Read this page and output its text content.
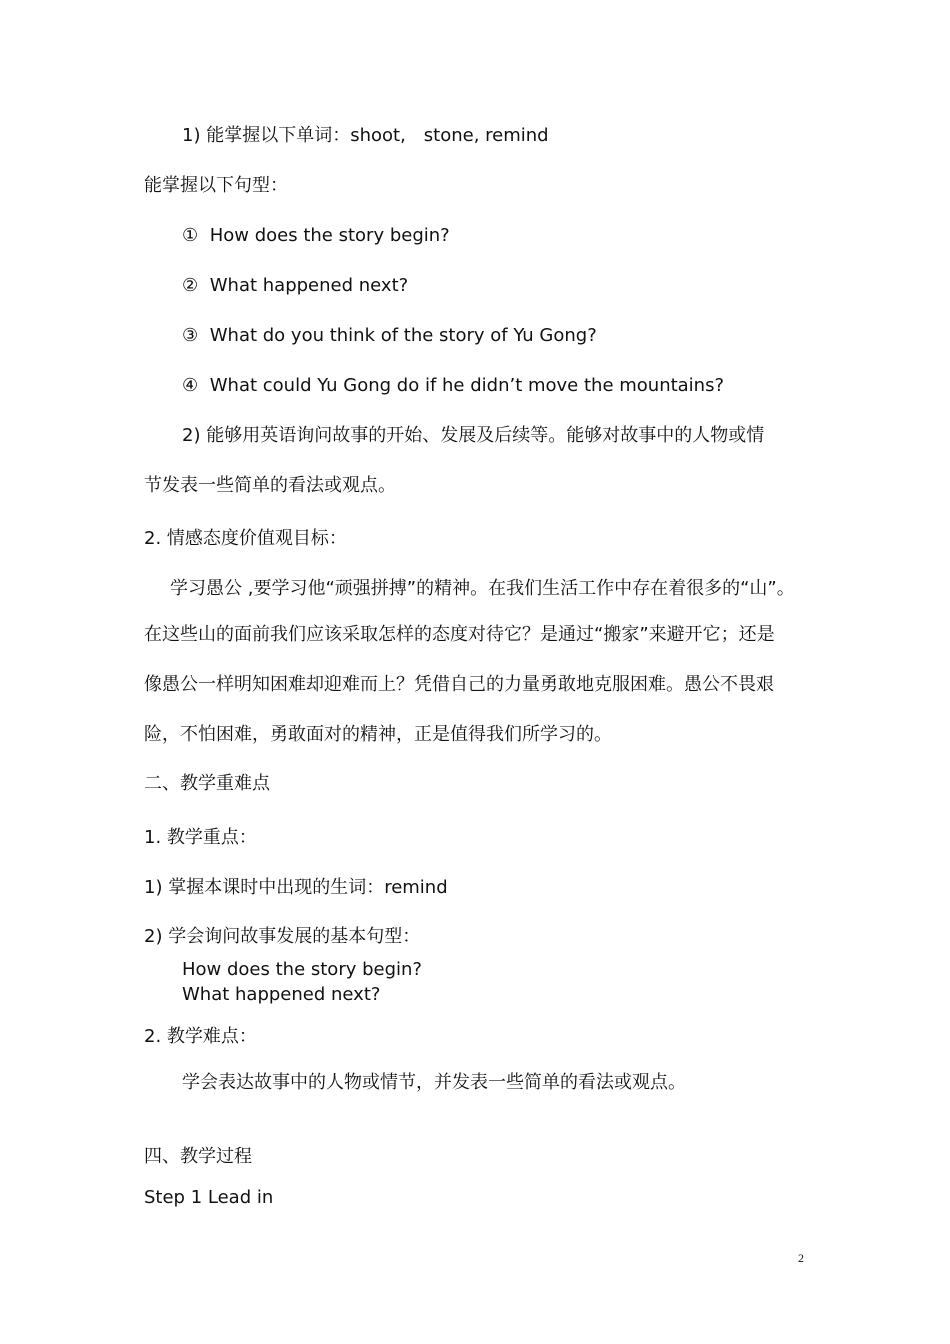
1) 能掌握以下单词：shoot,　stone, remind

能掌握以下句型：

① How does the story begin?

② What happened next?

③ What do you think of the story of Yu Gong?

④ What could Yu Gong do if he didn’t move the mountains?

2) 能够用英语询问故事的开始、发展及后续等。能够对故事中的人物或情

节发表一些简单的看法或观点。

2. 情感态度价值观目标：

学习愚公 ,要学习他“顽强拼搏”的精神。在我们生活工作中存在着很多的“山”。

在这些山的面前我们应该采取怎样的态度对待它？是通过“搬家”来避开它；还是

像愚公一样明知困难却迎难而上？凭借自己的力量勇敢地克服困难。愚公不畏艰

险，不怕困难，勇敢面对的精神，正是值得我们所学习的。

二、教学重难点

1. 教学重点：

1) 掌握本课时中出现的生词：remind

2) 学会询问故事发展的基本句型：

How does the story begin?

What happened next?

2. 教学难点：

学会表达故事中的人物或情节，并发表一些简单的看法或观点。

四、教学过程

Step 1 Lead in

2
